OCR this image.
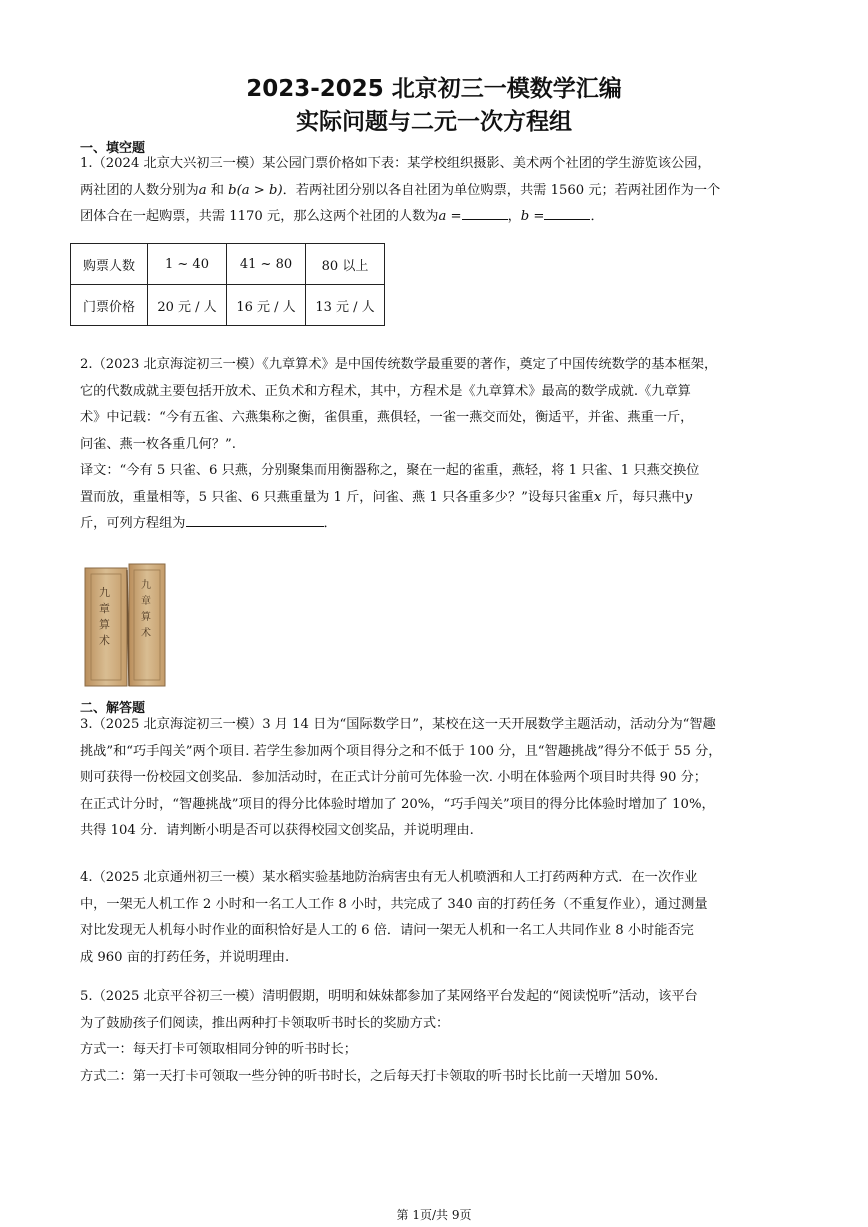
2023-2025 北京初三一模数学汇编
实际问题与二元一次方程组
一、填空题
1.（2024 北京大兴初三一模）某公园门票价格如下表：某学校组织摄影、美术两个社团的学生游览该公园，
两社团的人数分别为a 和 b(a > b)．若两社团分别以各自社团为单位购票，共需 1560 元；若两社团作为一个
团体合在一起购票，共需 1170 元，那么这两个社团的人数为a =	，b =	．
购票人数	1 ~ 40	41 ~ 80	80 以上
门票价格	20 元 / 人	16 元 / 人	13 元 / 人
2.（2023 北京海淀初三一模）《九章算术》是中国传统数学最重要的著作，奠定了中国传统数学的基本框架，
它的代数成就主要包括开放术、正负术和方程术，其中，方程术是《九章算术》最高的数学成就.《九章算
术》中记载：“今有五雀、六燕集称之衡，雀俱重，燕俱轻，一雀一燕交而处，衡适平，并雀、燕重一斤，
问雀、燕一枚各重几何？”.
译文：“今有 5 只雀、6 只燕，分别聚集而用衡器称之，聚在一起的雀重，燕轻，将 1 只雀、1 只燕交换位
置而放，重量相等，5 只雀、6 只燕重量为 1 斤，问雀、燕 1 只各重多少？”设每只雀重x 斤，每只燕中y
斤，可列方程组为	．
九
章
算
术
九
章
算
术
二、解答题
3.（2025 北京海淀初三一模）3 月 14 日为“国际数学日”，某校在这一天开展数学主题活动，活动分为“智趣
挑战”和“巧手闯关”两个项目. 若学生参加两个项目得分之和不低于 100 分，且“智趣挑战”得分不低于 55 分，
则可获得一份校园文创奖品．参加活动时，在正式计分前可先体验一次. 小明在体验两个项目时共得 90 分；
在正式计分时，“智趣挑战”项目的得分比体验时增加了 20%，“巧手闯关”项目的得分比体验时增加了 10%，
共得 104 分．请判断小明是否可以获得校园文创奖品，并说明理由.
4.（2025 北京通州初三一模）某水稻实验基地防治病害虫有无人机喷洒和人工打药两种方式．在一次作业
中，一架无人机工作 2 小时和一名工人工作 8 小时，共完成了 340 亩的打药任务（不重复作业），通过测量
对比发现无人机每小时作业的面积恰好是人工的 6 倍．请问一架无人机和一名工人共同作业 8 小时能否完
成 960 亩的打药任务，并说明理由.
5.（2025 北京平谷初三一模）清明假期，明明和妹妹都参加了某网络平台发起的“阅读悦听”活动，该平台
为了鼓励孩子们阅读，推出两种打卡领取听书时长的奖励方式：
方式一：每天打卡可领取相同分钟的听书时长；
方式二：第一天打卡可领取一些分钟的听书时长，之后每天打卡领取的听书时长比前一天增加 50%.
第 1页/共 9页
